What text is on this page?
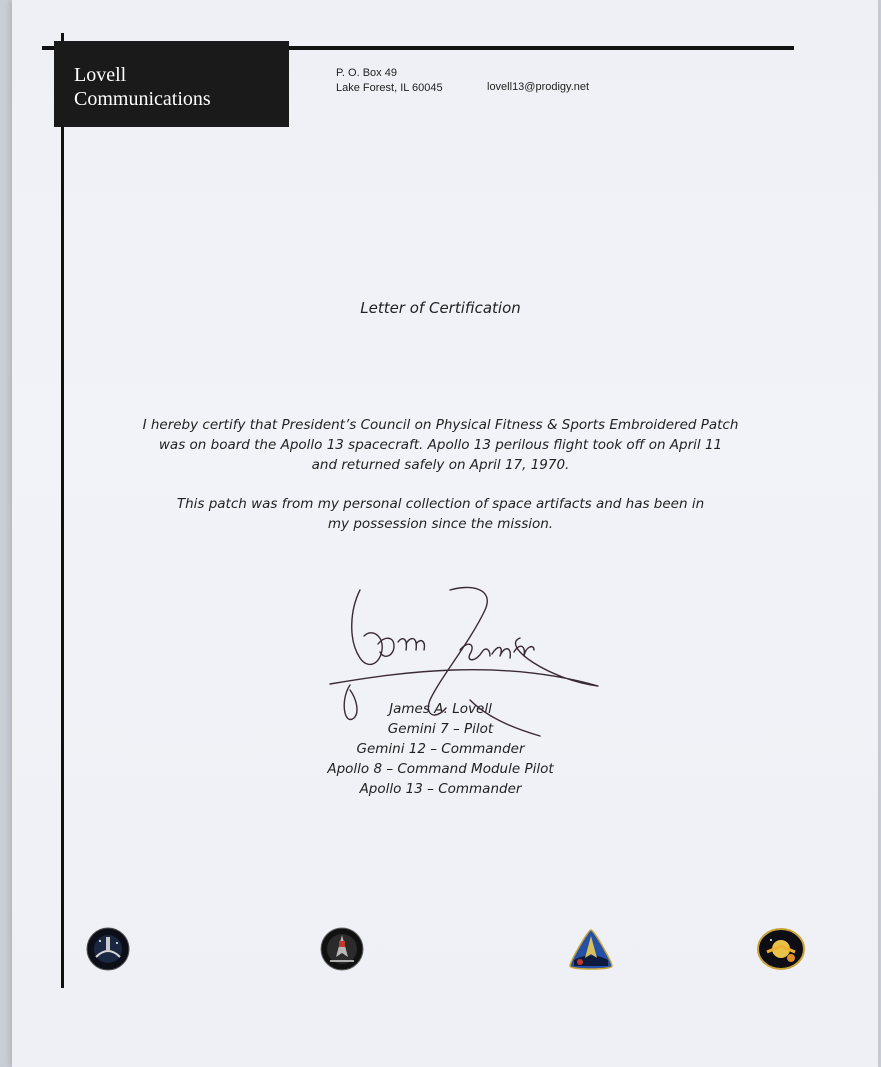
Lovell
Communications
P. O. Box 49
Lake Forest, IL 60045	lovell13@prodigy.net
Letter of Certification
I hereby certify that President’s Council on Physical Fitness & Sports Embroidered Patch
was on board the Apollo 13 spacecraft. Apollo 13 perilous flight took off on April 11
and returned safely on April 17, 1970.
This patch was from my personal collection of space artifacts and has been in
my possession since the mission.
James A. Lovell
Gemini 7 – Pilot
Gemini 12 – Commander
Apollo 8 – Command Module Pilot
Apollo 13 – Commander
